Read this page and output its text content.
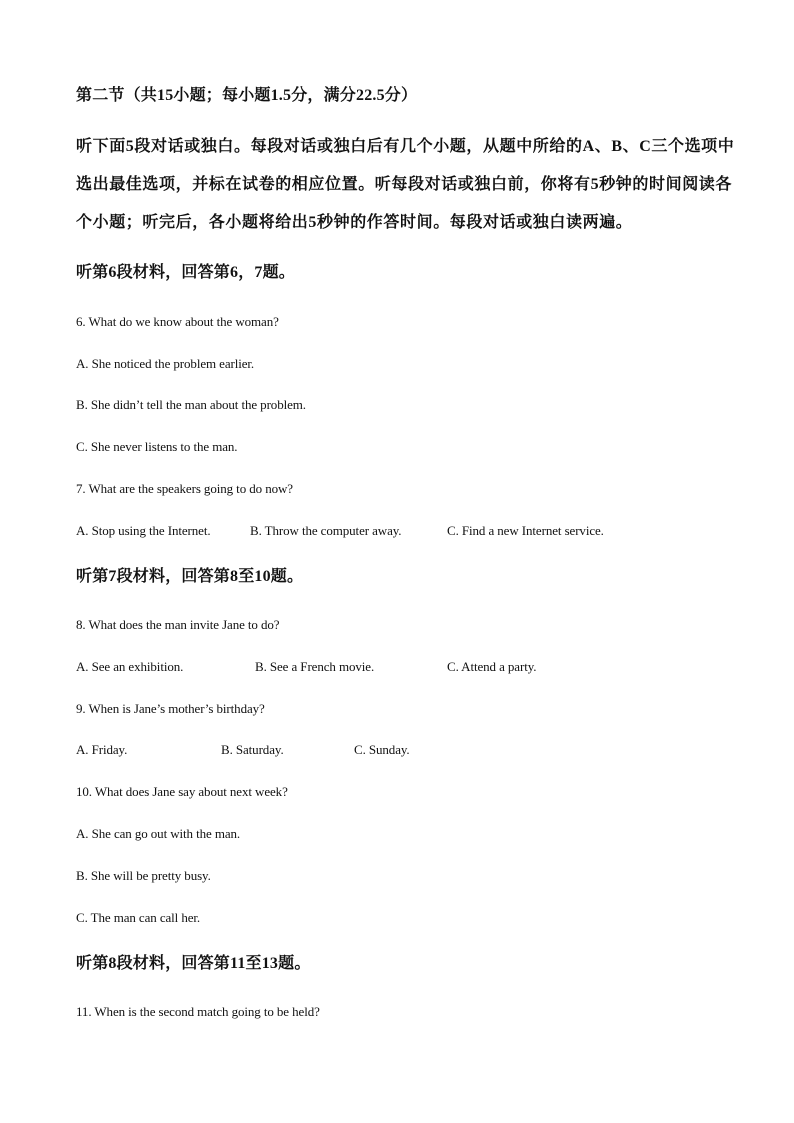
第二节（共15小题；每小题1.5分，满分22.5分）
听下面5段对话或独白。每段对话或独白后有几个小题，从题中所给的A、B、C三个选项中
选出最佳选项，并标在试卷的相应位置。听每段对话或独白前，你将有5秒钟的时间阅读各
个小题；听完后，各小题将给出5秒钟的作答时间。每段对话或独白读两遍。
听第6段材料，回答第6，7题。
6. What do we know about the woman?
A. She noticed the problem earlier.
B. She didn’t tell the man about the problem.
C. She never listens to the man.
7. What are the speakers going to do now?
A. Stop using the Internet.	B. Throw the computer away.	C. Find a new Internet service.
听第7段材料，回答第8至10题。
8. What does the man invite Jane to do?
A. See an exhibition.	B. See a French movie.	C. Attend a party.
9. When is Jane’s mother’s birthday?
A. Friday.	B. Saturday.	C. Sunday.
10. What does Jane say about next week?
A. She can go out with the man.
B. She will be pretty busy.
C. The man can call her.
听第8段材料，回答第11至13题。
11. When is the second match going to be held?
